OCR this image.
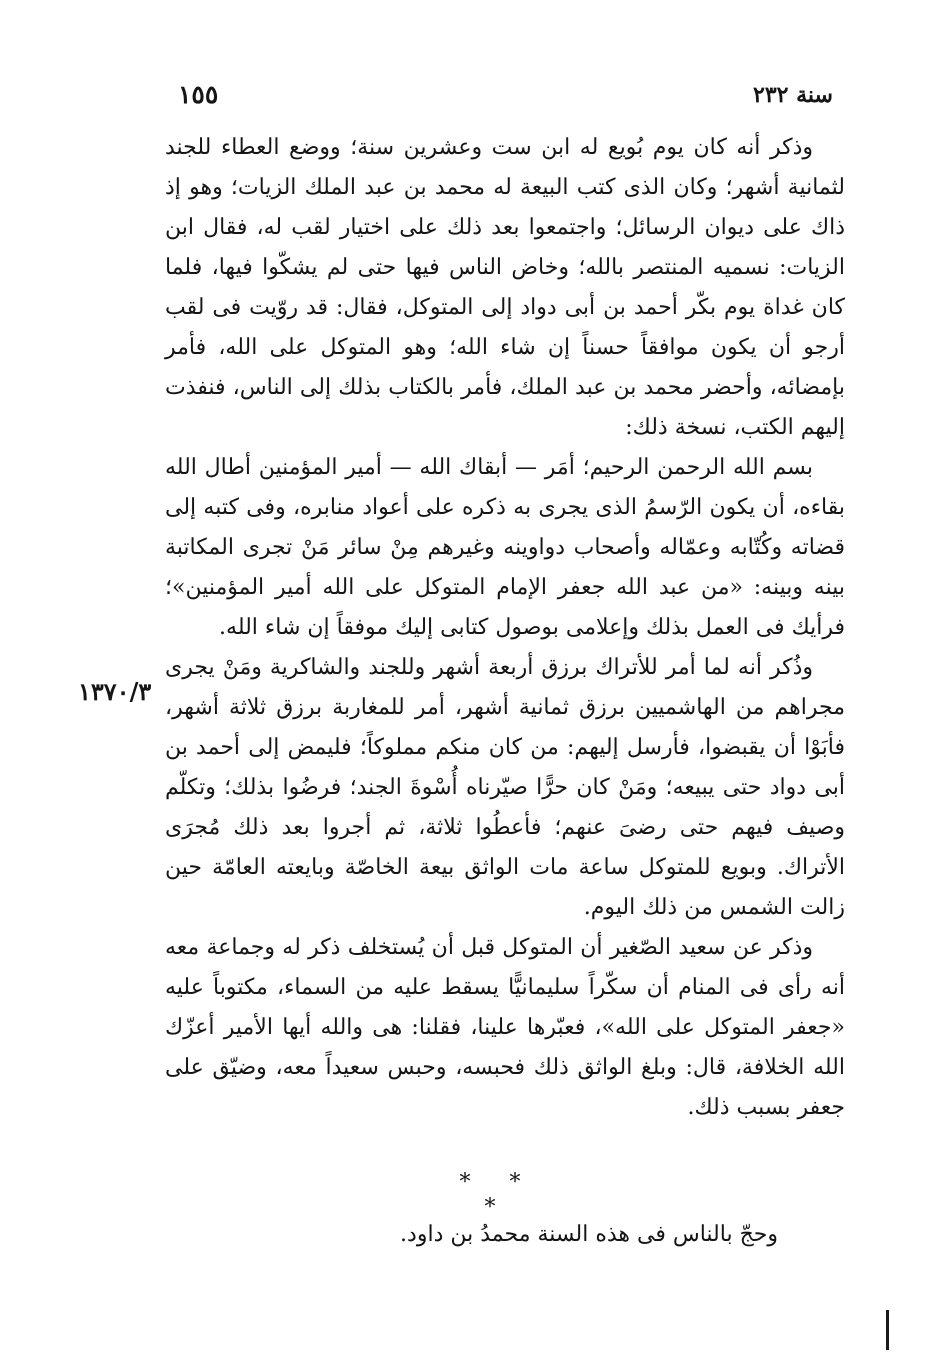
١٥٥	سنة ٢٣٢
١٣٧٠/٣

وذكر أنه كان يوم بُويع له ابن ست وعشرين سنة؛ ووضع العطاء للجند لثمانية أشهر؛ وكان الذى كتب البيعة له محمد بن عبد الملك الزيات؛ وهو إذ ذاك على ديوان الرسائل؛ واجتمعوا بعد ذلك على اختيار لقب له، فقال ابن الزيات: نسميه المنتصر بالله؛ وخاض الناس فيها حتى لم يشكّوا فيها، فلما كان غداة يوم بكّر أحمد بن أبى دواد إلى المتوكل، فقال: قد روّيت فى لقب أرجو أن يكون موافقاً حسناً إن شاء الله؛ وهو المتوكل على الله، فأمر بإمضائه، وأحضر محمد بن عبد الملك، فأمر بالكتاب بذلك إلى الناس، فنفذت إليهم الكتب، نسخة ذلك:

بسم الله الرحمن الرحيم؛ أمَر — أبقاك الله — أمير المؤمنين أطال الله بقاءه، أن يكون الرّسمُ الذى يجرى به ذكره على أعواد منابره، وفى كتبه إلى قضاته وكُتّابه وعمّاله وأصحاب دواوينه وغيرهم مِنْ سائر مَنْ تجرى المكاتبة بينه وبينه: «من عبد الله جعفر الإمام المتوكل على الله أمير المؤمنين»؛ فرأيك فى العمل بذلك وإعلامى بوصول كتابى إليك موفقاً إن شاء الله.

وذُكر أنه لما أمر للأتراك برزق أربعة أشهر وللجند والشاكرية ومَنْ يجرى مجراهم من الهاشميين برزق ثمانية أشهر، أمر للمغاربة برزق ثلاثة أشهر، فأبَوْا أن يقبضوا، فأرسل إليهم: من كان منكم مملوكاً؛ فليمض إلى أحمد بن أبى دواد حتى يبيعه؛ ومَنْ كان حرًّا صيّرناه أُسْوةَ الجند؛ فرضُوا بذلك؛ وتكلّم وصيف فيهم حتى رضىَ عنهم؛ فأعطُوا ثلاثة، ثم أجروا بعد ذلك مُجرَى الأتراك. وبويع للمتوكل ساعة مات الواثق بيعة الخاصّة وبايعته العامّة حين زالت الشمس من ذلك اليوم.

وذكر عن سعيد الصّغير أن المتوكل قبل أن يُستخلف ذكر له وجماعة معه أنه رأى فى المنام أن سكّراً سليمانيًّا يسقط عليه من السماء، مكتوباً عليه «جعفر المتوكل على الله»، فعبّرها علينا، فقلنا: هى والله أيها الأمير أعزّك الله الخلافة، قال: وبلغ الواثق ذلك فحبسه، وحبس سعيداً معه، وضيّق على جعفر بسبب ذلك.

* * *
وحجّ بالناس فى هذه السنة محمدُ بن داود.
